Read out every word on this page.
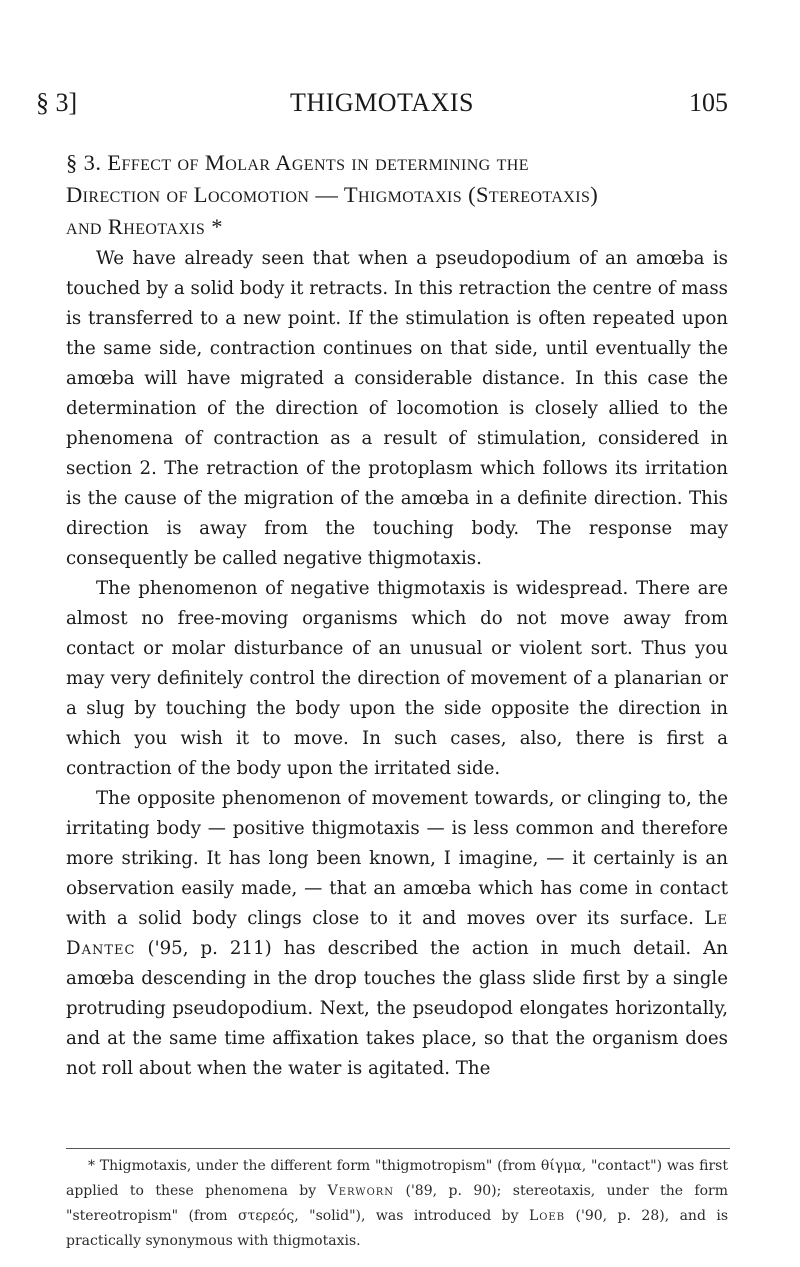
§ 3]	THIGMOTAXIS	105
§ 3. Effect of Molar Agents in determining the
Direction of Locomotion — Thigmotaxis (Stereotaxis)
and Rheotaxis *

We have already seen that when a pseudopodium of an amœba is touched by a solid body it retracts. In this retraction the centre of mass is transferred to a new point. If the stimulation is often repeated upon the same side, contraction continues on that side, until eventually the amœba will have migrated a considerable distance. In this case the determination of the direction of locomotion is closely allied to the phenomena of contraction as a result of stimulation, considered in section 2. The retraction of the protoplasm which follows its irritation is the cause of the migration of the amœba in a definite direction. This direction is away from the touching body. The response may consequently be called negative thigmotaxis.

The phenomenon of negative thigmotaxis is widespread. There are almost no free-moving organisms which do not move away from contact or molar disturbance of an unusual or violent sort. Thus you may very definitely control the direction of movement of a planarian or a slug by touching the body upon the side opposite the direction in which you wish it to move. In such cases, also, there is first a contraction of the body upon the irritated side.

The opposite phenomenon of movement towards, or clinging to, the irritating body — positive thigmotaxis — is less common and therefore more striking. It has long been known, I imagine, — it certainly is an observation easily made, — that an amœba which has come in contact with a solid body clings close to it and moves over its surface. Le Dantec ('95, p. 211) has described the action in much detail. An amœba descending in the drop touches the glass slide first by a single protruding pseudopodium. Next, the pseudopod elongates horizontally, and at the same time affixation takes place, so that the organism does not roll about when the water is agitated. The

* Thigmotaxis, under the different form "thigmotropism" (from θίγμα, "contact") was first applied to these phenomena by Verworn ('89, p. 90); stereotaxis, under the form "stereotropism" (from στερεός, "solid"), was introduced by Loeb ('90, p. 28), and is practically synonymous with thigmotaxis.
